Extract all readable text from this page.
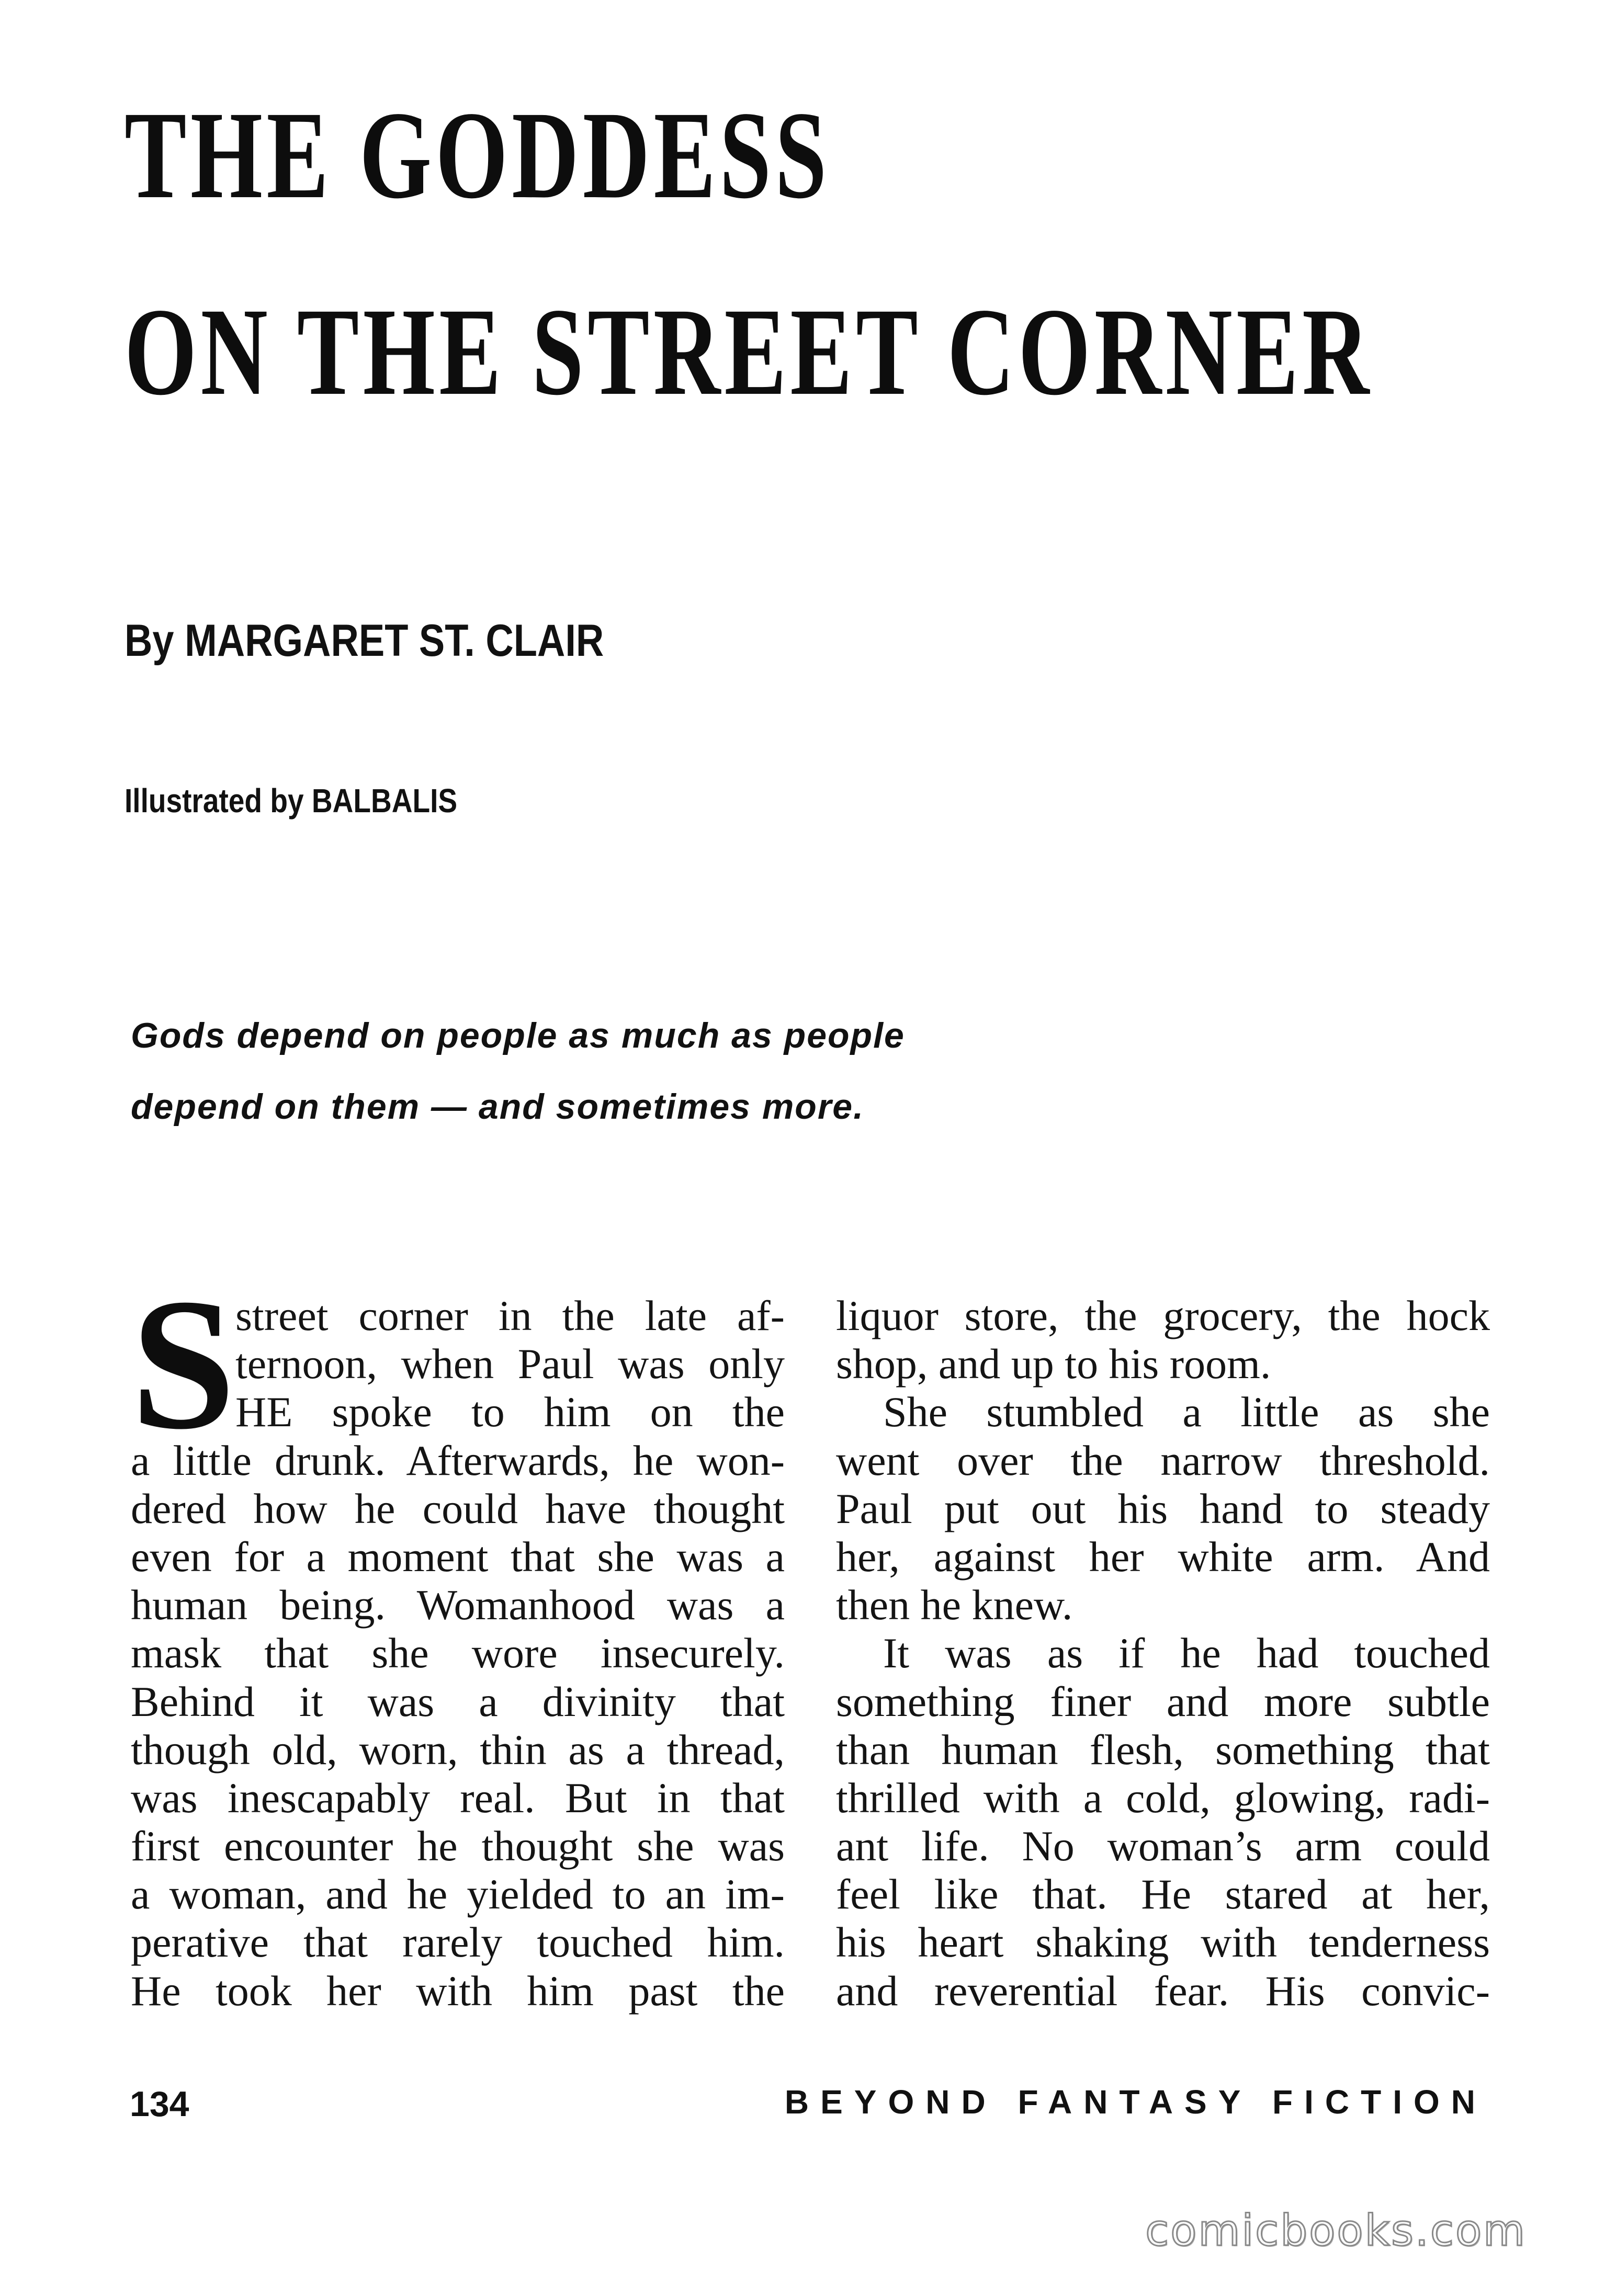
THE GODDESS
ON THE STREET CORNER
By MARGARET ST. CLAIR
Illustrated by BALBALIS
Gods depend on people as much as people
depend on them — and sometimes more.
S street corner in the late af-
ternoon, when Paul was only
HE spoke to him on the
a little drunk. Afterwards, he won-
dered how he could have thought
even for a moment that she was a
human being. Womanhood was a
mask that she wore insecurely.
Behind it was a divinity that
though old, worn, thin as a thread,
was inescapably real. But in that
first encounter he thought she was
a woman, and he yielded to an im-
perative that rarely touched him.
He took her with him past the
liquor store, the grocery, the hock
shop, and up to his room.
She stumbled a little as she
went over the narrow threshold.
Paul put out his hand to steady
her, against her white arm. And
then he knew.
It was as if he had touched
something finer and more subtle
than human flesh, something that
thrilled with a cold, glowing, radi-
ant life. No woman’s arm could
feel like that. He stared at her,
his heart shaking with tenderness
and reverential fear. His convic-
134	BEYOND FANTASY FICTION
comicbooks.com
